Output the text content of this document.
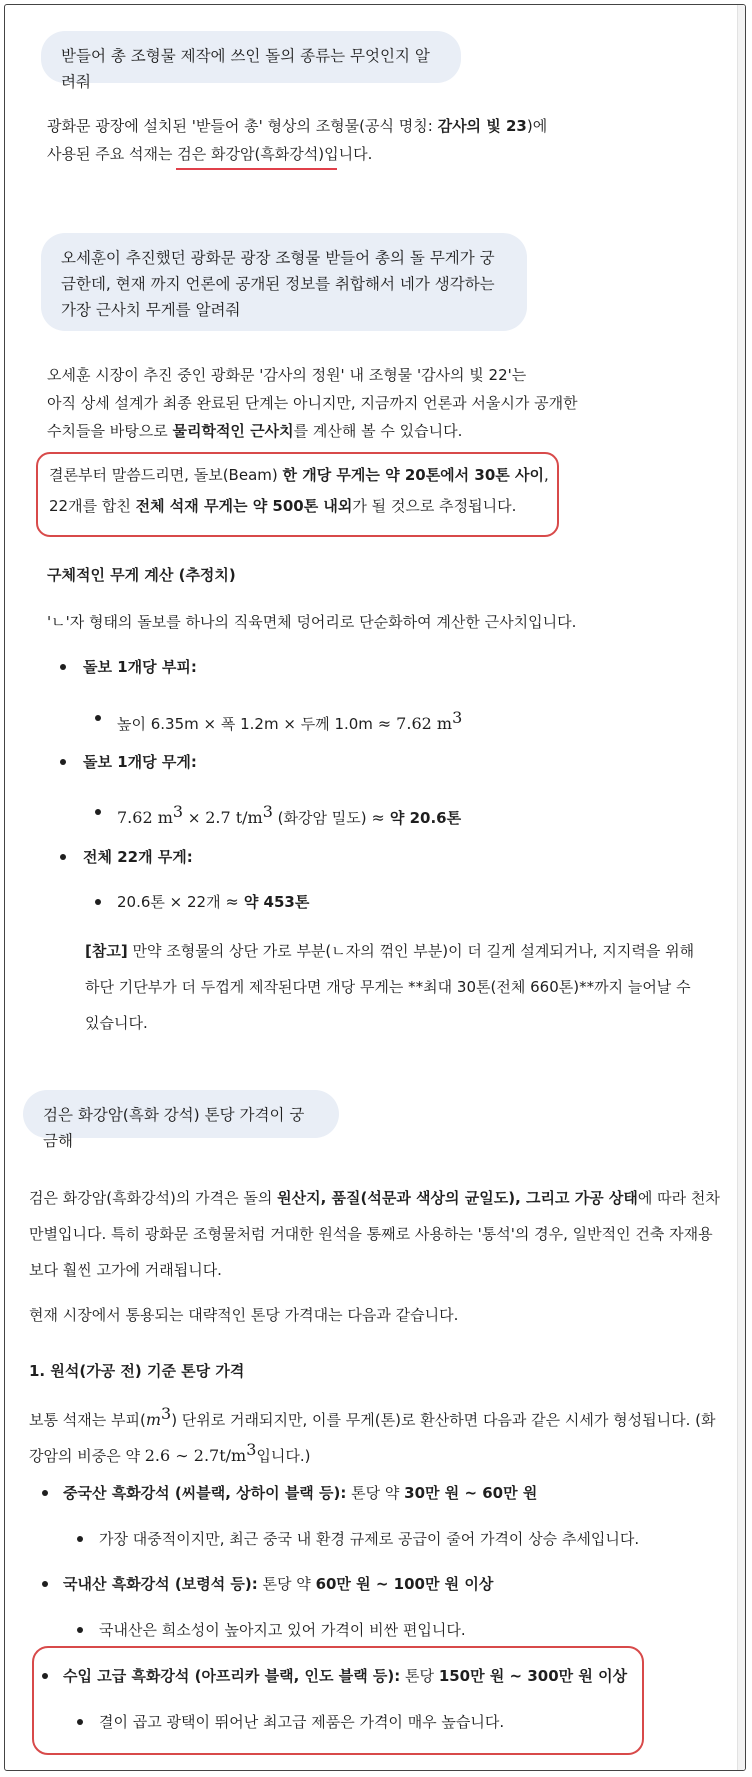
받들어 총 조형물 제작에 쓰인 돌의 종류는 무엇인지 알려줘
광화문 광장에 설치된 '받들어 총' 형상의 조형물(공식 명칭: 감사의 빛 23)에
사용된 주요 석재는 검은 화강암(흑화강석)입니다.
오세훈이 추진했던 광화문 광장 조형물 받들어 총의 돌 무게가 궁금한데, 현재 까지 언론에 공개된 정보를 취합해서 네가 생각하는 가장 근사치 무게를 알려줘
오세훈 시장이 추진 중인 광화문 '감사의 정원' 내 조형물 '감사의 빛 22'는
아직 상세 설계가 최종 완료된 단계는 아니지만, 지금까지 언론과 서울시가 공개한
수치들을 바탕으로 물리학적인 근사치를 계산해 볼 수 있습니다.
결론부터 말씀드리면, 돌보(Beam) 한 개당 무게는 약 20톤에서 30톤 사이,
22개를 합친 전체 석재 무게는 약 500톤 내외가 될 것으로 추정됩니다.
구체적인 무게 계산 (추정치)
'ㄴ'자 형태의 돌보를 하나의 직육면체 덩어리로 단순화하여 계산한 근사치입니다.
돌보 1개당 부피:
높이 6.35m × 폭 1.2m × 두께 1.0m ≈ 7.62 $m^3$
돌보 1개당 무게:
7.62 $m^3 \times 2.7$ $t/m^3$ (화강암 밀도) ≈ 약 20.6톤
전체 22개 무게:
20.6톤 × 22개 ≈ 약 453톤
[참고] 만약 조형물의 상단 가로 부분(ㄴ자의 꺾인 부분)이 더 길게 설계되거나, 지지력을 위해
하단 기단부가 더 두껍게 제작된다면 개당 무게는 **최대 30톤(전체 660톤)**까지 늘어날 수
있습니다.
검은 화강암(흑화 강석) 톤당 가격이 궁금해
검은 화강암(흑화강석)의 가격은 돌의 원산지, 품질(석문과 색상의 균일도), 그리고 가공 상태에 따라 천차
만별입니다. 특히 광화문 조형물처럼 거대한 원석을 통째로 사용하는 '통석'의 경우, 일반적인 건축 자재용
보다 훨씬 고가에 거래됩니다.
현재 시장에서 통용되는 대략적인 톤당 가격대는 다음과 같습니다.
1. 원석(가공 전) 기준 톤당 가격
보통 석재는 부피$(m^3)$ 단위로 거래되지만, 이를 무게(톤)로 환산하면 다음과 같은 시세가 형성됩니다. (화
강암의 비중은 약 2.6 ∼ $2.7t/m^3$입니다.)
중국산 흑화강석 (씨블랙, 상하이 블랙 등): 톤당 약 30만 원 ~ 60만 원
가장 대중적이지만, 최근 중국 내 환경 규제로 공급이 줄어 가격이 상승 추세입니다.
국내산 흑화강석 (보령석 등): 톤당 약 60만 원 ~ 100만 원 이상
국내산은 희소성이 높아지고 있어 가격이 비싼 편입니다.
수입 고급 흑화강석 (아프리카 블랙, 인도 블랙 등): 톤당 150만 원 ~ 300만 원 이상
결이 곱고 광택이 뛰어난 최고급 제품은 가격이 매우 높습니다.
